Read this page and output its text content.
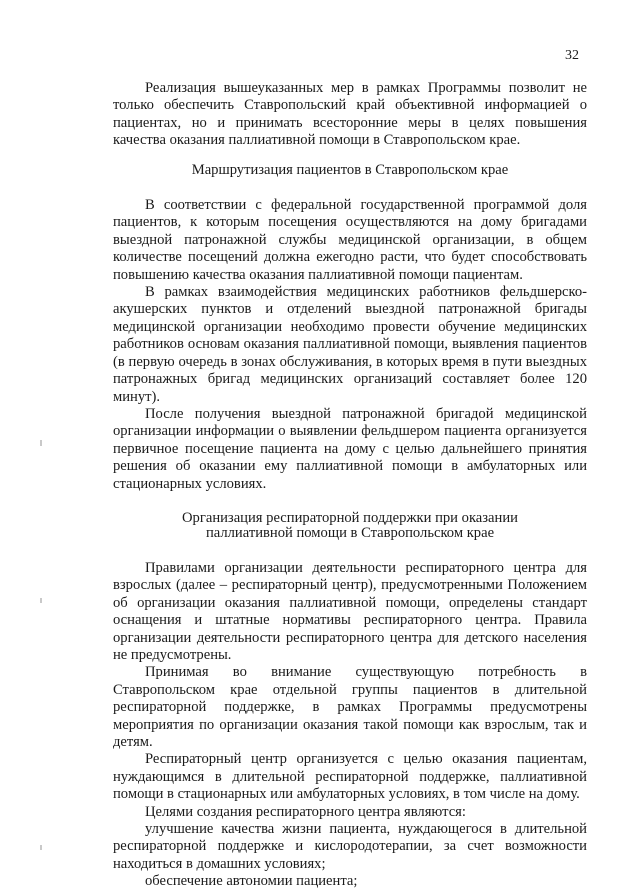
32

Реализация вышеуказанных мер в рамках Программы позволит не только обеспечить Ставропольский край объективной информацией о пациентах, но и принимать всесторонние меры в целях повышения качества оказания паллиативной помощи в Ставропольском крае.

Маршрутизация пациентов в Ставропольском крае

В соответствии с федеральной государственной программой доля пациентов, к которым посещения осуществляются на дому бригадами выездной патронажной службы медицинской организации, в общем количестве посещений должна ежегодно расти, что будет способствовать повышению качества оказания паллиативной помощи пациентам.

В рамках взаимодействия медицинских работников фельдшерско-акушерских пунктов и отделений выездной патронажной бригады медицинской организации необходимо провести обучение медицинских работников основам оказания паллиативной помощи, выявления пациентов (в первую очередь в зонах обслуживания, в которых время в пути выездных патронажных бригад медицинских организаций составляет более 120 минут).

После получения выездной патронажной бригадой медицинской организации информации о выявлении фельдшером пациента организуется первичное посещение пациента на дому с целью дальнейшего принятия решения об оказании ему паллиативной помощи в амбулаторных или стационарных условиях.

Организация респираторной поддержки при оказании
паллиативной помощи в Ставропольском крае

Правилами организации деятельности респираторного центра для взрослых (далее – респираторный центр), предусмотренными Положением об организации оказания паллиативной помощи, определены стандарт оснащения и штатные нормативы респираторного центра. Правила организации деятельности респираторного центра для детского населения не предусмотрены.

Принимая во внимание существующую потребность в Ставропольском крае отдельной группы пациентов в длительной респираторной поддержке, в рамках Программы предусмотрены мероприятия по организации оказания такой помощи как взрослым, так и детям.

Респираторный центр организуется с целью оказания пациентам, нуждающимся в длительной респираторной поддержке, паллиативной помощи в стационарных или амбулаторных условиях, в том числе на дому.

Целями создания респираторного центра являются:

улучшение качества жизни пациента, нуждающегося в длительной респираторной поддержке и кислородотерапии, за счет возможности находиться в домашних условиях;

обеспечение автономии пациента;
